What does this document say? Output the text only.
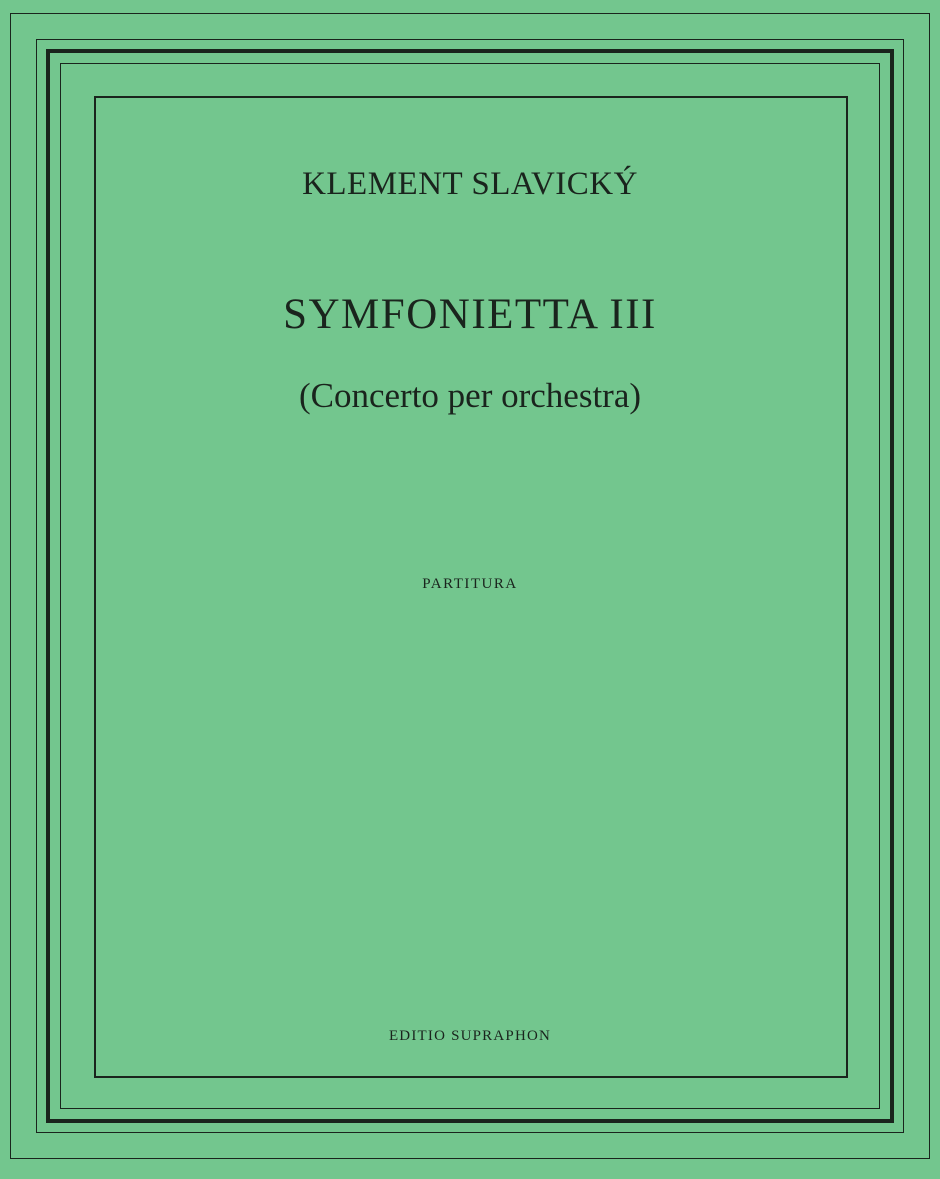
KLEMENT SLAVICKÝ
SYMFONIETTA III

(Concerto per orchestra)

PARTITURA

EDITIO SUPRAPHON
